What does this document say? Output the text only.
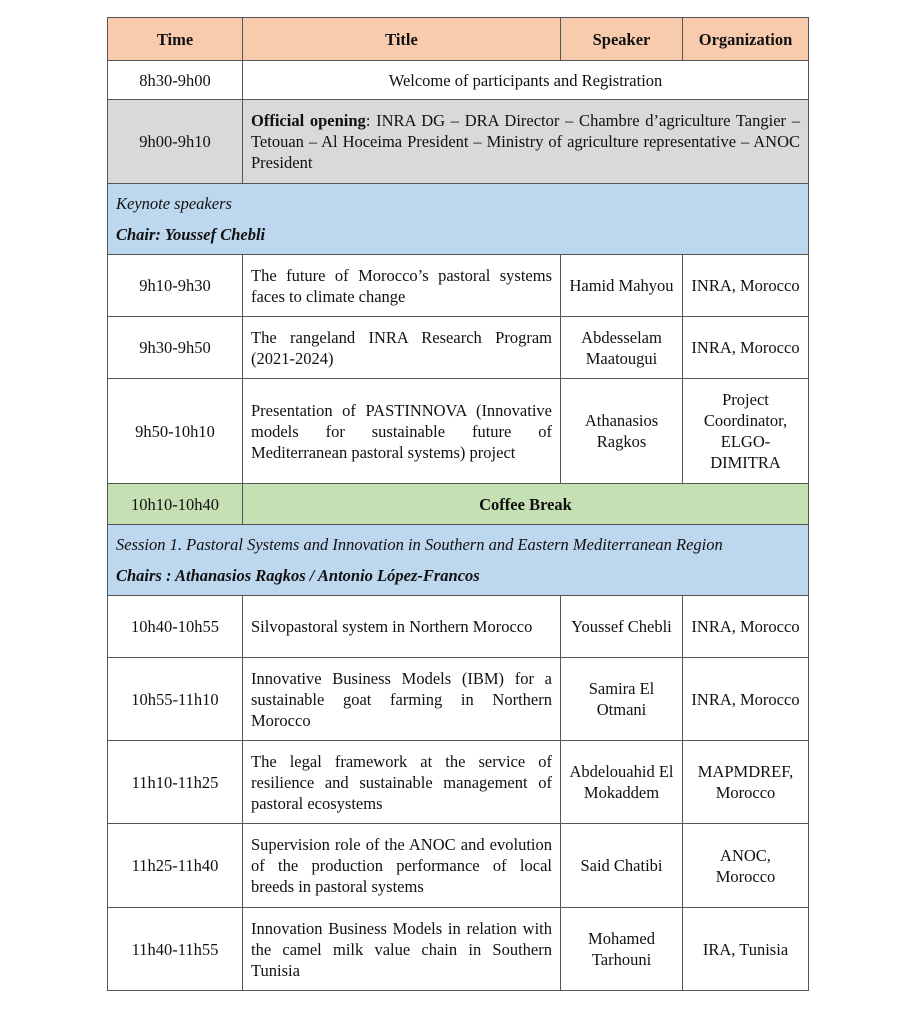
Time	Title	Speaker	Organization
8h30-9h00	Welcome of participants and Registration		
9h00-9h10	Official opening: INRA DG – DRA Director – Chambre d’agriculture Tangier – Tetouan – Al Hoceima President – Ministry of agriculture representative – ANOC President		

Keynote speakers
Chair: Youssef Chebli			

9h10-9h30	The future of Morocco’s pastoral systems faces to climate change	Hamid Mahyou	INRA, Morocco
9h30-9h50	The rangeland INRA Research Program (2021-2024)	Abdesselam Maatougui	INRA, Morocco
9h50-10h10	Presentation of PASTINNOVA (Innovative models for sustainable future of Mediterranean pastoral systems) project	Athanasios Ragkos	Project Coordinator, ELGO-DIMITRA
10h10-10h40	Coffee Break		

Session 1. Pastoral Systems and Innovation in Southern and Eastern Mediterranean Region
Chairs : Athanasios Ragkos / Antonio López-Francos			

10h40-10h55	Silvopastoral system in Northern Morocco	Youssef Chebli	INRA, Morocco
10h55-11h10	Innovative Business Models (IBM) for a sustainable goat farming in Northern Morocco	Samira El Otmani	INRA, Morocco
11h10-11h25	The legal framework at the service of resilience and sustainable management of pastoral ecosystems	Abdelouahid El Mokaddem	MAPMDREF, Morocco
11h25-11h40	Supervision role of the ANOC and evolution of the production performance of local breeds in pastoral systems	Said Chatibi	ANOC, Morocco
11h40-11h55	Innovation Business Models in relation with the camel milk value chain in Southern Tunisia	Mohamed Tarhouni	IRA, Tunisia
